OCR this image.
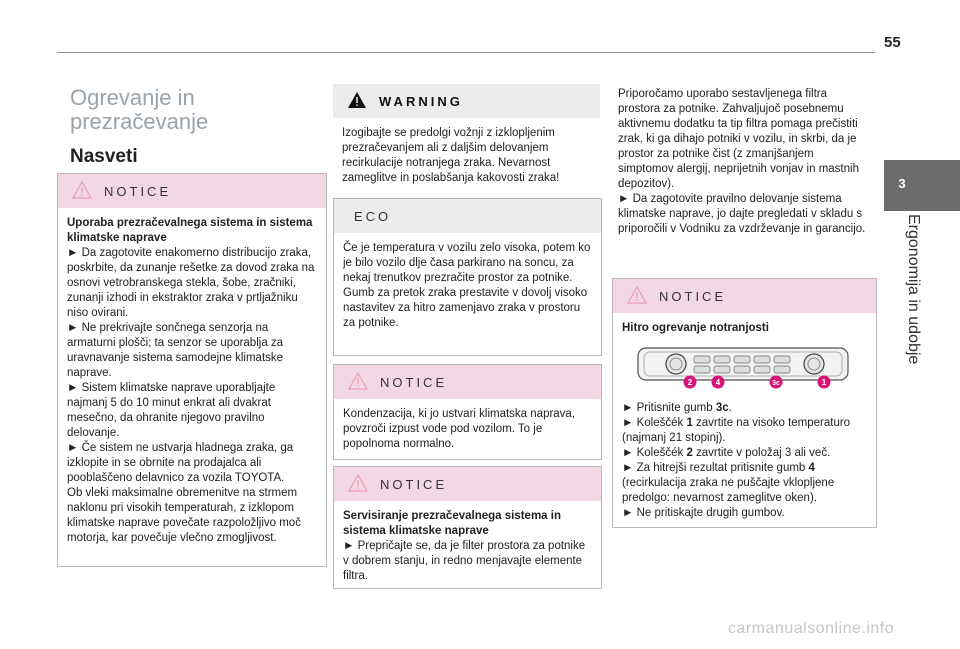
55
3
Ergonomija in udobje
Ogrevanje in
prezračevanje
Nasveti
NOTICE

Uporaba prezračevalnega sistema in sistema klimatske naprave

► Da zagotovite enakomerno distribucijo zraka, poskrbite, da zunanje rešetke za dovod zraka na osnovi vetrobranskega stekla, šobe, zračniki, zunanji izhodi in ekstraktor zraka v prtljažniku niso ovirani.

► Ne prekrivajte sončnega senzorja na armaturni plošči; ta senzor se uporablja za uravnavanje sistema samodejne klimatske naprave.

► Sistem klimatske naprave uporabljajte najmanj 5 do 10 minut enkrat ali dvakrat mesečno, da ohranite njegovo pravilno delovanje.

► Če sistem ne ustvarja hladnega zraka, ga izklopite in se obrnite na prodajalca ali pooblaščeno delavnico za vozila TOYOTA.

Ob vleki maksimalne obremenitve na strmem naklonu pri visokih temperaturah, z izklopom klimatske naprave povečate razpoložljivo moč motorja, kar povečuje vlečno zmogljivost.

WARNING

Izogibajte se predolgi vožnji z izklopljenim prezračevanjem ali z daljšim delovanjem recirkulacije notranjega zraka. Nevarnost zameglitve in poslabšanja kakovosti zraka!

ECO

Če je temperatura v vozilu zelo visoka, potem ko je bilo vozilo dlje časa parkirano na soncu, za nekaj trenutkov prezračite prostor za potnike.

Gumb za pretok zraka prestavite v dovolj visoko nastavitev za hitro zamenjavo zraka v prostoru za potnike.

NOTICE

Kondenzacija, ki jo ustvari klimatska naprava, povzroči izpust vode pod vozilom. To je popolnoma normalno.

NOTICE

Servisiranje prezračevalnega sistema in sistema klimatske naprave

► Prepričajte se, da je filter prostora za potnike v dobrem stanju, in redno menjavajte elemente filtra.

Priporočamo uporabo sestavljenega filtra prostora za potnike. Zahvaljujoč posebnemu aktivnemu dodatku ta tip filtra pomaga prečistiti zrak, ki ga dihajo potniki v vozilu, in skrbi, da je prostor za potnike čist (z zmanjšanjem simptomov alergij, neprijetnih vonjav in mastnih depozitov).

► Da zagotovite pravilno delovanje sistema klimatske naprave, jo dajte pregledati v skladu s priporočili v Vodniku za vzdrževanje in garancijo.

NOTICE

Hitro ogrevanje notranjosti

2	4	3c	1

► Pritisnite gumb 3c.

► Koleščék 1 zavrtite na visoko temperaturo (najmanj 21 stopinj).

► Koleščék 2 zavrtite v položaj 3 ali več.

► Za hitrejši rezultat pritisnite gumb 4 (recirkulacija zraka ne puščajte vklopljene predolgo: nevarnost zameglitve oken).

► Ne pritiskajte drugih gumbov.

carmanualsonline.info
